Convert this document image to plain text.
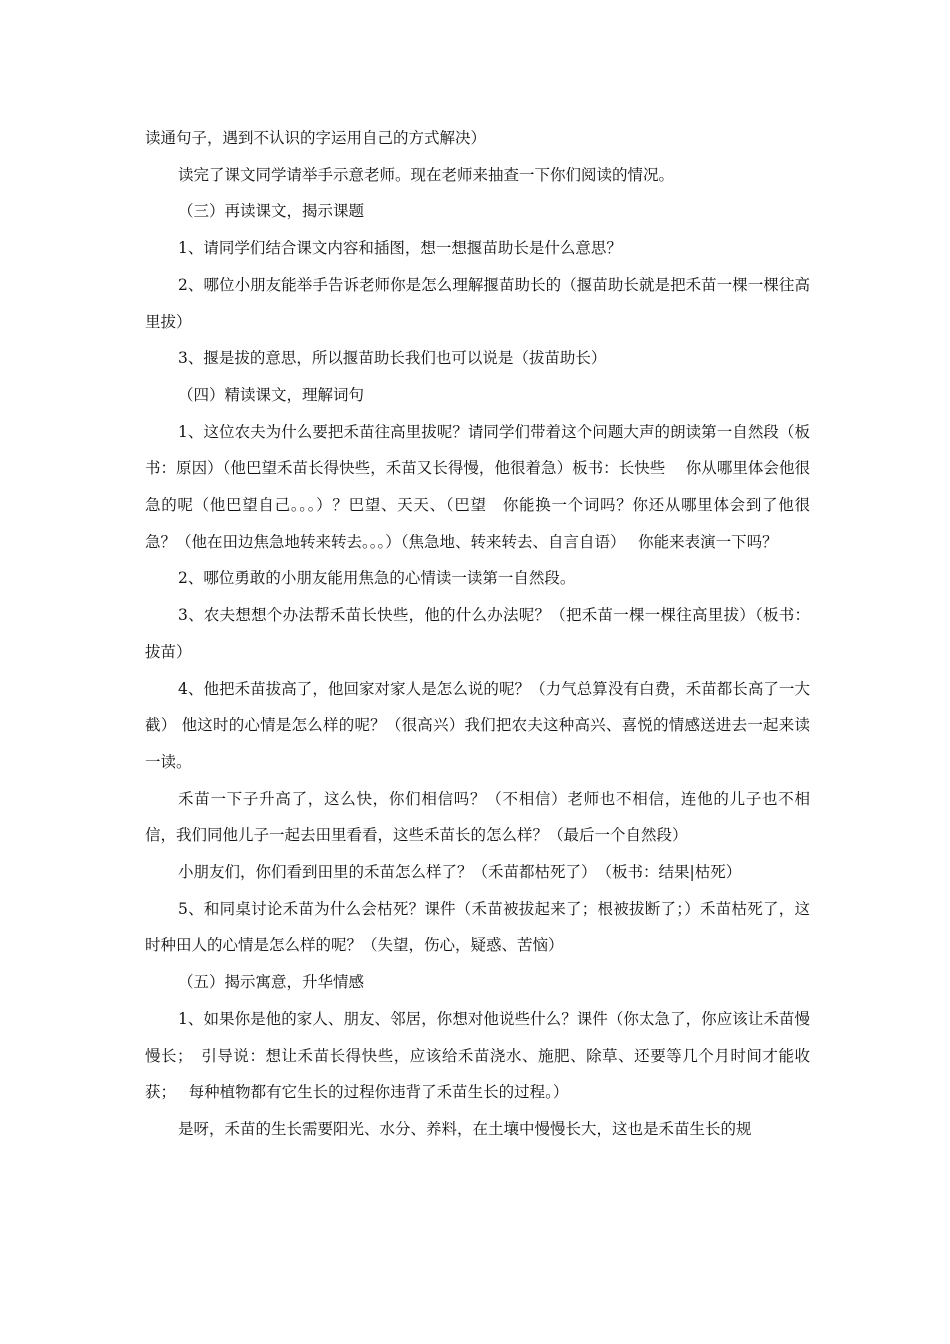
读通句子，遇到不认识的字运用自己的方式解决）

读完了课文同学请举手示意老师。现在老师来抽查一下你们阅读的情况。

（三）再读课文，揭示课题

1、请同学们结合课文内容和插图，想一想揠苗助长是什么意思？

2、哪位小朋友能举手告诉老师你是怎么理解揠苗助长的（揠苗助长就是把禾苗一棵一棵往高里拔）

3、揠是拔的意思，所以揠苗助长我们也可以说是（拔苗助长）

（四）精读课文，理解词句

1、这位农夫为什么要把禾苗往高里拔呢？请同学们带着这个问题大声的朗读第一自然段（板书：原因）（他巴望禾苗长得快些，禾苗又长得慢，他很着急）板书：长快些　 你从哪里体会他很急的呢（他巴望自己。。。）？巴望、天天、（巴望　你能换一个词吗？你还从哪里体会到了他很急？（他在田边焦急地转来转去。。。）（焦急地、转来转去、自言自语）　 你能来表演一下吗？

2、哪位勇敢的小朋友能用焦急的心情读一读第一自然段。

3、农夫想想个办法帮禾苗长快些，他的什么办法呢？（把禾苗一棵一棵往高里拔）（板书：拔苗）

4、他把禾苗拔高了，他回家对家人是怎么说的呢？（力气总算没有白费，禾苗都长高了一大截） 他这时的心情是怎么样的呢？（很高兴）我们把农夫这种高兴、喜悦的情感送进去一起来读一读。

禾苗一下子升高了，这么快，你们相信吗？（不相信）老师也不相信，连他的儿子也不相信，我们同他儿子一起去田里看看，这些禾苗长的怎么样？（最后一个自然段）

小朋友们，你们看到田里的禾苗怎么样了？（禾苗都枯死了）　（板书：结果|枯死）

5、和同桌讨论禾苗为什么会枯死？课件（禾苗被拔起来了；根被拔断了；）禾苗枯死了，这时种田人的心情是怎么样的呢？（失望，伤心，疑惑、苦恼）

（五）揭示寓意，升华情感

1、如果你是他的家人、朋友、邻居，你想对他说些什么？课件（你太急了，你应该让禾苗慢慢长；　引导说：想让禾苗长得快些，应该给禾苗浇水、施肥、除草、还要等几个月时间才能收获；　 每种植物都有它生长的过程你违背了禾苗生长的过程。）

是呀，禾苗的生长需要阳光、水分、养料，在土壤中慢慢长大，这也是禾苗生长的规
